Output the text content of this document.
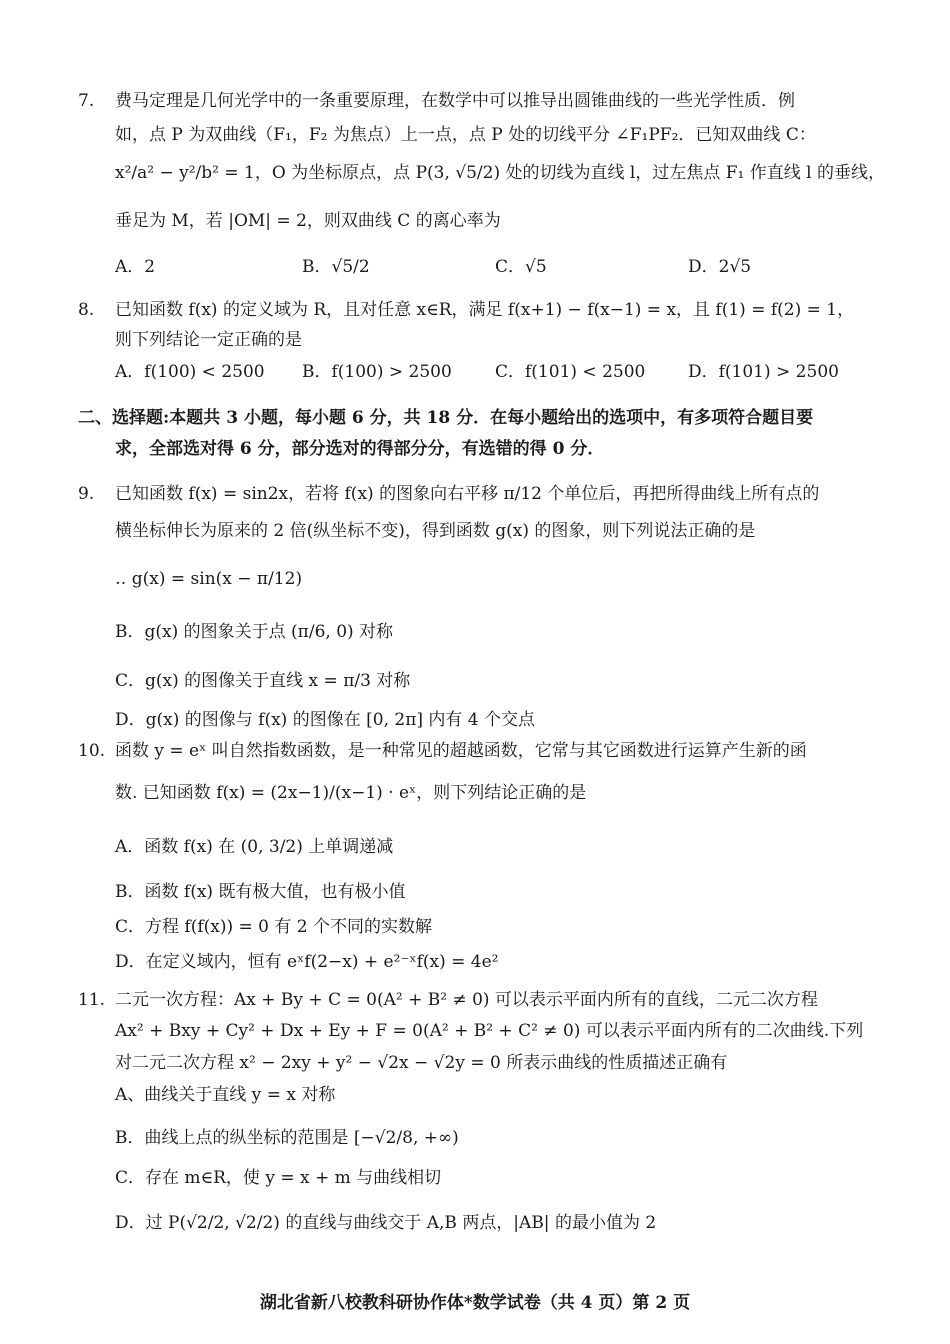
7. 费马定理是几何光学中的一条重要原理，在数学中可以推导出圆锥曲线的一些光学性质．例
如，点 P 为双曲线（F₁，F₂ 为焦点）上一点，点 P 处的切线平分 ∠F₁PF₂．已知双曲线 C：
x²/a² − y²/b² = 1，O 为坐标原点，点 P(3, √5/2) 处的切线为直线 l，过左焦点 F₁ 作直线 l 的垂线，
垂足为 M，若 |OM| = 2，则双曲线 C 的离心率为
A．2	B．√5/2	C．√5	D．2√5
8. 已知函数 f(x) 的定义域为 R，且对任意 x∈R，满足 f(x+1) − f(x−1) = x，且 f(1) = f(2) = 1，
则下列结论一定正确的是
A．f(100) < 2500 B．f(100) > 2500	C．f(101) < 2500	D．f(101) > 2500
二、选择题:本题共 3 小题，每小题 6 分，共 18 分．在每小题给出的选项中，有多项符合题目要
求，全部选对得 6 分，部分选对的得部分分，有选错的得 0 分．
9. 已知函数 f(x) = sin2x，若将 f(x) 的图象向右平移 π/12 个单位后，再把所得曲线上所有点的
横坐标伸长为原来的 2 倍(纵坐标不变)，得到函数 g(x) 的图象，则下列说法正确的是
‥ g(x) = sin(x − π/12)
B．g(x) 的图象关于点 (π/6, 0) 对称
C．g(x) 的图像关于直线 x = π/3 对称
D．g(x) 的图像与 f(x) 的图像在 [0, 2π] 内有 4 个交点
10. 函数 y = eˣ 叫自然指数函数，是一种常见的超越函数，它常与其它函数进行运算产生新的函
数. 已知函数 f(x) = (2x−1)/(x−1) · eˣ，则下列结论正确的是
A．函数 f(x) 在 (0, 3/2) 上单调递减
B．函数 f(x) 既有极大值，也有极小值
C．方程 f(f(x)) = 0 有 2 个不同的实数解
D．在定义域内，恒有 eˣf(2−x) + e²⁻ˣf(x) = 4e²
11. 二元一次方程：Ax + By + C = 0(A² + B² ≠ 0) 可以表示平面内所有的直线，二元二次方程
Ax² + Bxy + Cy² + Dx + Ey + F = 0(A² + B² + C² ≠ 0) 可以表示平面内所有的二次曲线.下列
对二元二次方程 x² − 2xy + y² − √2x − √2y = 0 所表示曲线的性质描述正确有
A、曲线关于直线 y = x 对称
B．曲线上点的纵坐标的范围是 [−√2/8, +∞)
C．存在 m∈R，使 y = x + m 与曲线相切
D．过 P(√2/2, √2/2) 的直线与曲线交于 A,B 两点，|AB| 的最小值为 2
湖北省新八校教科研协作体*数学试卷（共 4 页）第 2 页
